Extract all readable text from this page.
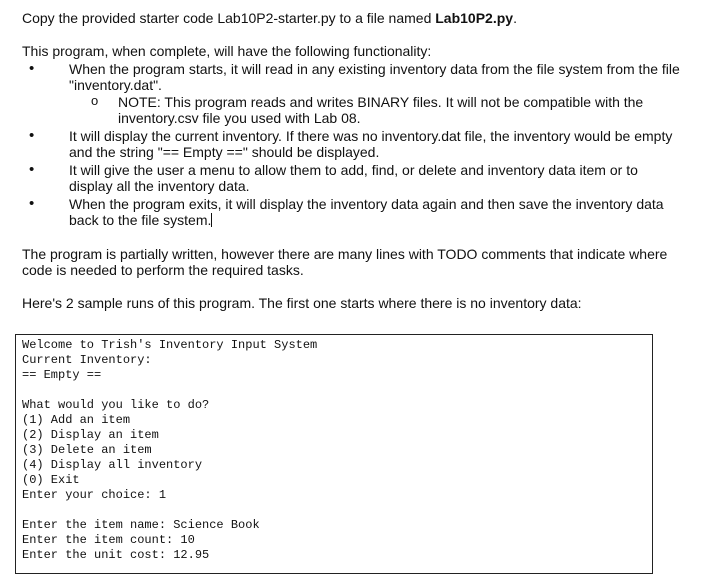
Copy the provided starter code Lab10P2-starter.py to a file named Lab10P2.py.

This program, when complete, will have the following functionality:

• When the program starts, it will read in any existing inventory data from the file system from the file "inventory.dat".
o NOTE: This program reads and writes BINARY files. It will not be compatible with the inventory.csv file you used with Lab 08.
• It will display the current inventory. If there was no inventory.dat file, the inventory would be empty and the string "== Empty ==" should be displayed.
• It will give the user a menu to allow them to add, find, or delete and inventory data item or to display all the inventory data.
• When the program exits, it will display the inventory data again and then save the inventory data back to the file system.

The program is partially written, however there are many lines with TODO comments that indicate where code is needed to perform the required tasks.

Here's 2 sample runs of this program. The first one starts where there is no inventory data:

Welcome to Trish's Inventory Input System
Current Inventory:
== Empty ==
What would you like to do?
(1) Add an item
(2) Display an item
(3) Delete an item
(4) Display all inventory
(0) Exit
Enter your choice: 1
Enter the item name: Science Book
Enter the item count: 10
Enter the unit cost: 12.95
